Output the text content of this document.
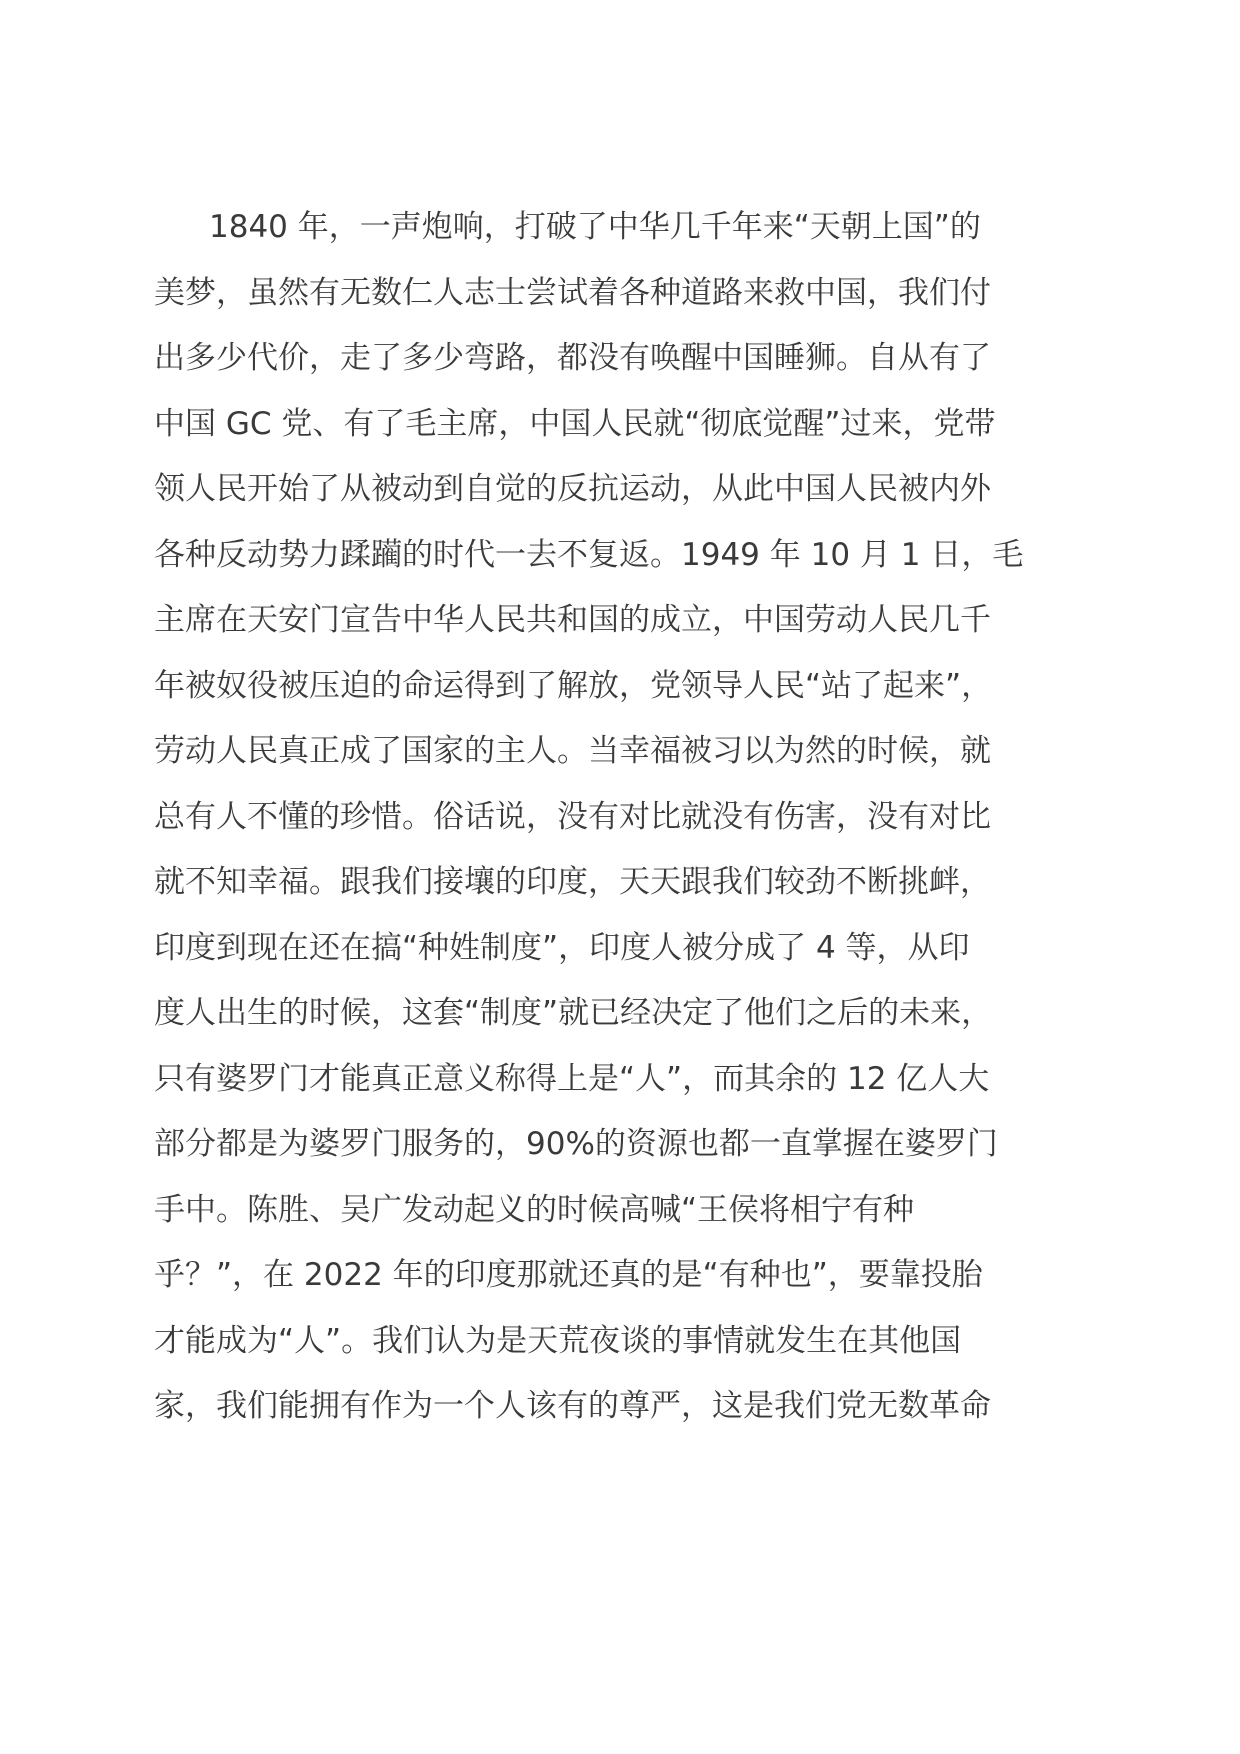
1840 年，一声炮响，打破了中华几千年来“天朝上国”的
美梦，虽然有无数仁人志士尝试着各种道路来救中国，我们付
出多少代价，走了多少弯路，都没有唤醒中国睡狮。自从有了
中国 GC 党、有了毛主席，中国人民就“彻底觉醒”过来，党带
领人民开始了从被动到自觉的反抗运动，从此中国人民被内外
各种反动势力蹂躏的时代一去不复返。1949 年 10 月 1 日，毛
主席在天安门宣告中华人民共和国的成立，中国劳动人民几千
年被奴役被压迫的命运得到了解放，党领导人民“站了起来”，
劳动人民真正成了国家的主人。当幸福被习以为然的时候，就
总有人不懂的珍惜。俗话说，没有对比就没有伤害，没有对比
就不知幸福。跟我们接壤的印度，天天跟我们较劲不断挑衅，
印度到现在还在搞“种姓制度”，印度人被分成了 4 等，从印
度人出生的时候，这套“制度”就已经决定了他们之后的未来，
只有婆罗门才能真正意义称得上是“人”，而其余的 12 亿人大
部分都是为婆罗门服务的，90%的资源也都一直掌握在婆罗门
手中。陈胜、吴广发动起义的时候高喊“王侯将相宁有种
乎？”，在 2022 年的印度那就还真的是“有种也”，要靠投胎
才能成为“人”。我们认为是天荒夜谈的事情就发生在其他国
家，我们能拥有作为一个人该有的尊严，这是我们党无数革命
